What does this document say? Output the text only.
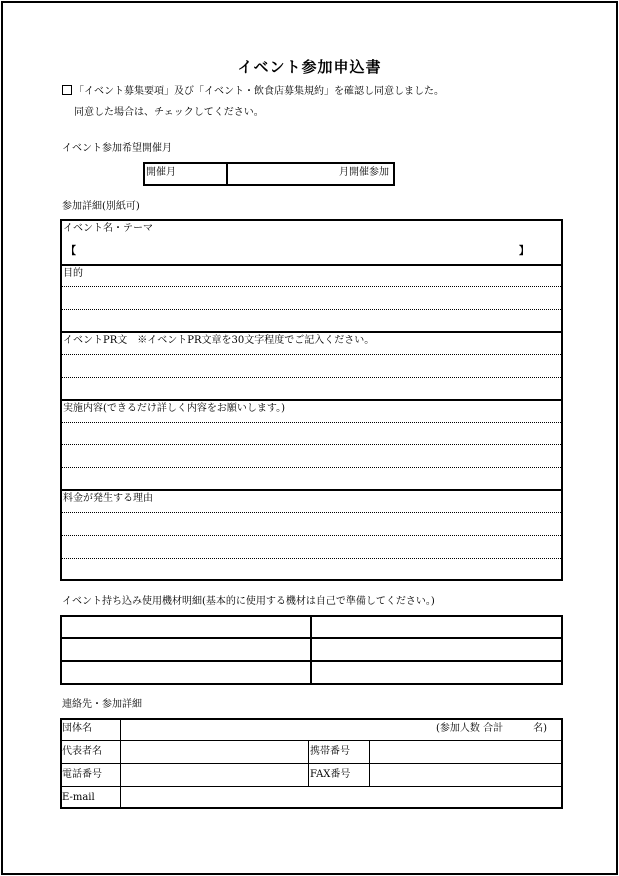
イベント参加申込書
「イベント募集要項」及び「イベント・飲食店募集規約」を確認し同意しました。
同意した場合は、チェックしてください。
イベント参加希望開催月
開催月	月開催参加
参加詳細(別紙可)
イベント名・テーマ
【	】
目的
イベントPR文　※イベントPR文章を30文字程度でご記入ください。
実施内容(できるだけ詳しく内容をお願いします。)
料金が発生する理由
イベント持ち込み使用機材明細(基本的に使用する機材は自己で準備してください。)
連絡先・参加詳細
団体名	(参加人数 合計　　　名)
代表者名	携帯番号
電話番号	FAX番号
E-mail
